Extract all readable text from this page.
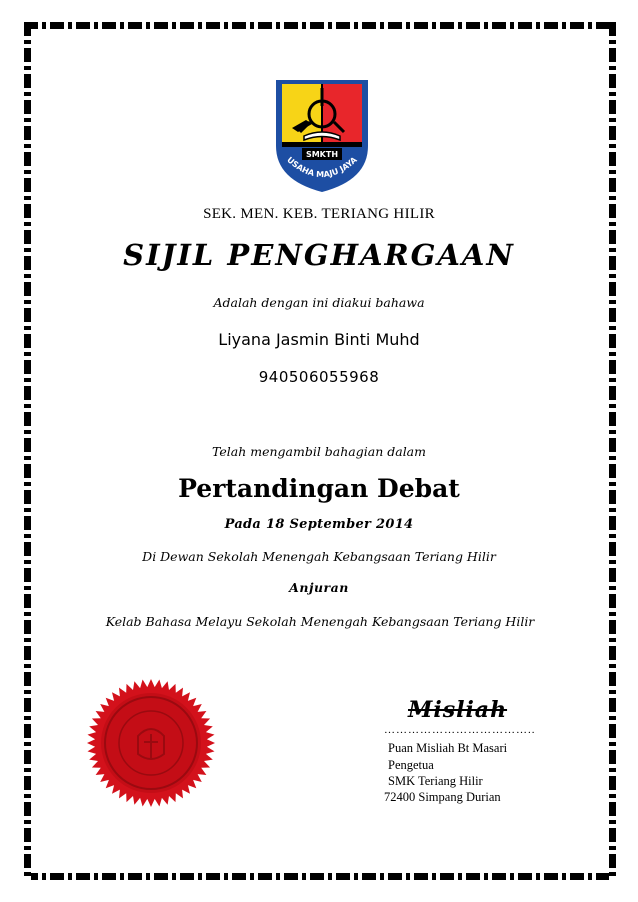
SMKTH
USAHA MAJU JAYA
SEK. MEN. KEB. TERIANG HILIR
SIJIL PENGHARGAAN
Adalah dengan ini diakui bahawa
Liyana Jasmin Binti Muhd
940506055968
Telah mengambil bahagian dalam
Pertandingan Debat
Pada 18 September 2014
Di Dewan Sekolah Menengah Kebangsaan Teriang Hilir
Anjuran
Kelab Bahasa Melayu Sekolah Menengah Kebangsaan Teriang Hilir
Misliah
………………………………..
Puan Misliah Bt Masari
Pengetua
SMK Teriang Hilir
72400 Simpang Durian
